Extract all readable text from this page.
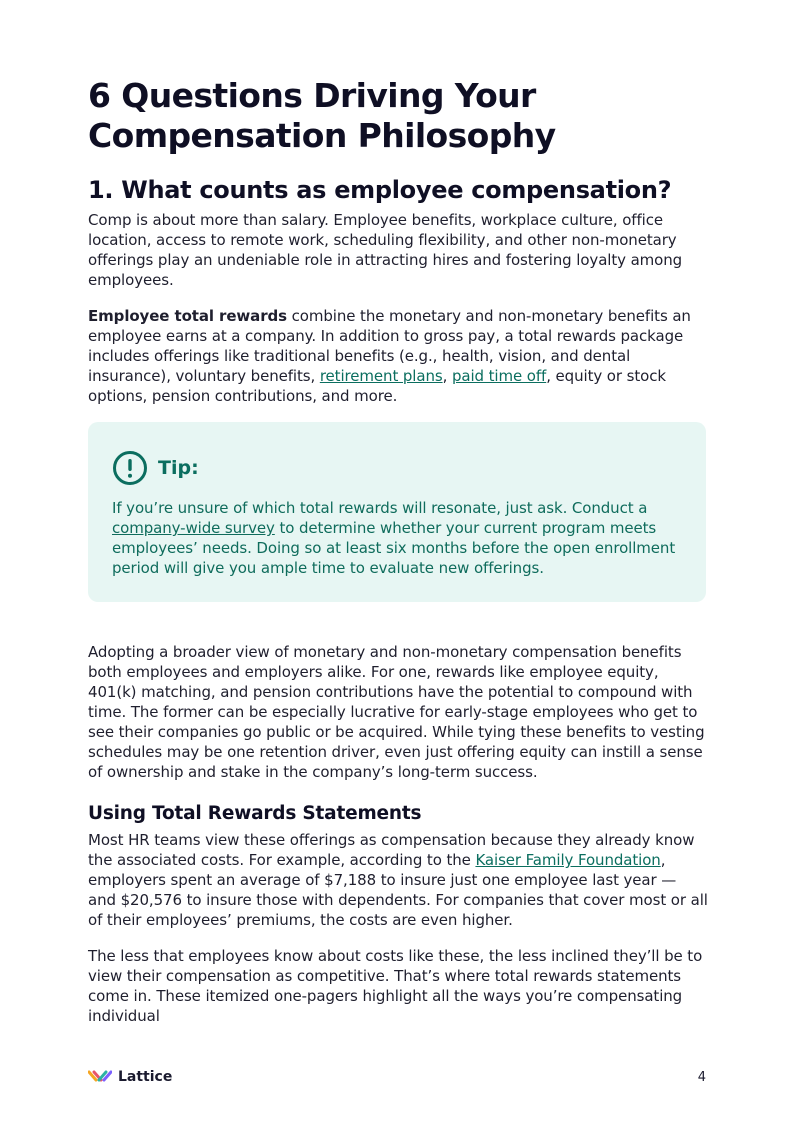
6 Questions Driving Your Compensation Philosophy
1. What counts as employee compensation?

Comp is about more than salary. Employee benefits, workplace culture, office location, access to remote work, scheduling flexibility, and other non-monetary offerings play an undeniable role in attracting hires and fostering loyalty among employees.

Employee total rewards combine the monetary and non-monetary benefits an employee earns at a company. In addition to gross pay, a total rewards package includes offerings like traditional benefits (e.g., health, vision, and dental insurance), voluntary benefits, retirement plans, paid time off, equity or stock options, pension contributions, and more.

Tip:

If you’re unsure of which total rewards will resonate, just ask. Conduct a company-wide survey to determine whether your current program meets employees’ needs. Doing so at least six months before the open enrollment period will give you ample time to evaluate new offerings.

Adopting a broader view of monetary and non-monetary compensation benefits both employees and employers alike. For one, rewards like employee equity, 401(k) matching, and pension contributions have the potential to compound with time. The former can be especially lucrative for early-stage employees who get to see their companies go public or be acquired. While tying these benefits to vesting schedules may be one retention driver, even just offering equity can instill a sense of ownership and stake in the company’s long-term success.

Using Total Rewards Statements

Most HR teams view these offerings as compensation because they already know the associated costs. For example, according to the Kaiser Family Foundation, employers spent an average of $7,188 to insure just one employee last year — and $20,576 to insure those with dependents. For companies that cover most or all of their employees’ premiums, the costs are even higher.

The less that employees know about costs like these, the less inclined they’ll be to view their compensation as competitive. That’s where total rewards statements come in. These itemized one-pagers highlight all the ways you’re compensating individual

Lattice	4
